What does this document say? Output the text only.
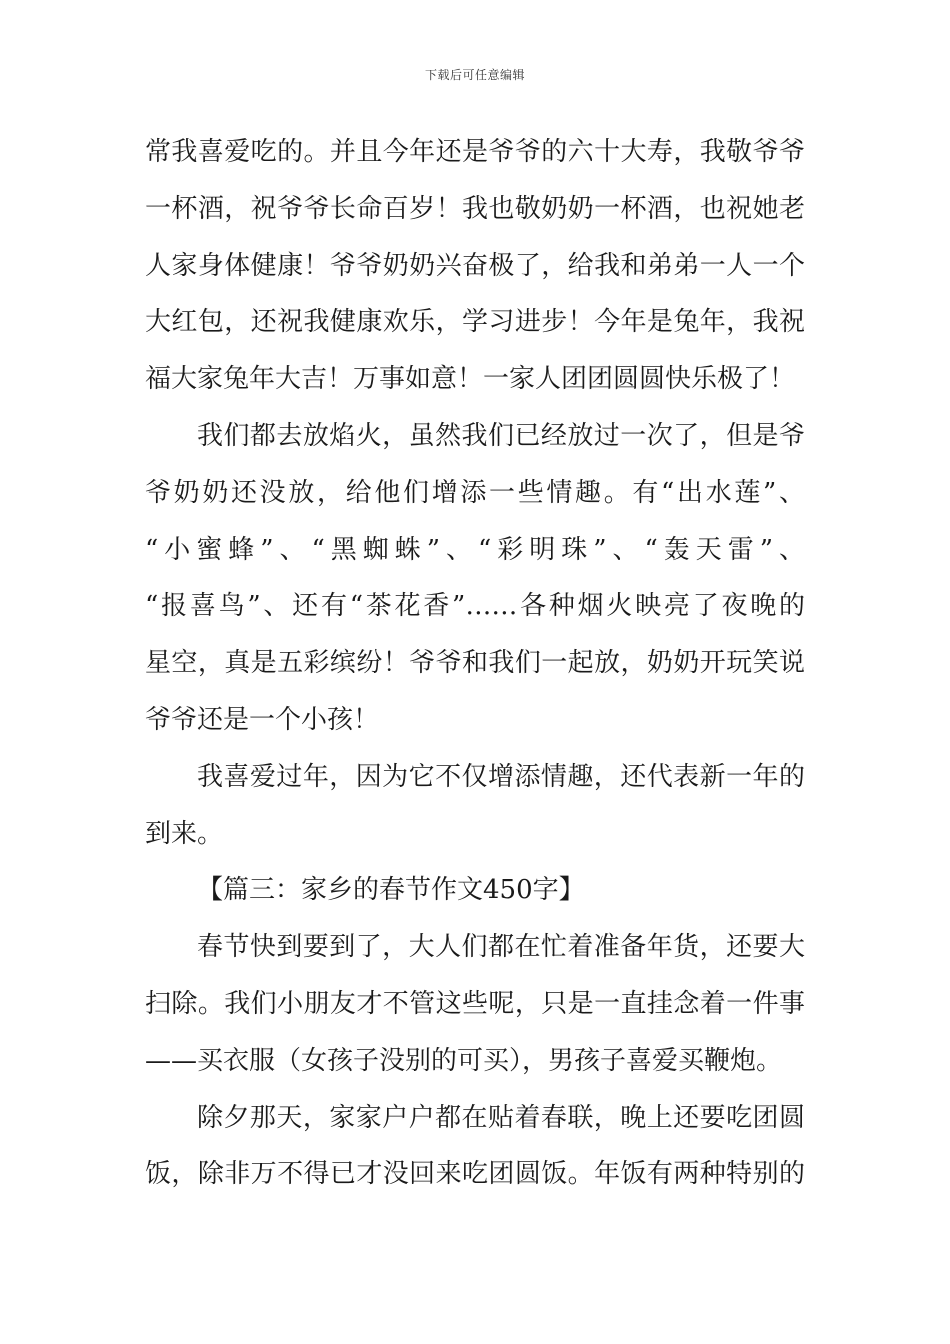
下载后可任意编辑
常我喜爱吃的。并且今年还是爷爷的六十大寿，我敬爷爷
一杯酒，祝爷爷长命百岁！我也敬奶奶一杯酒，也祝她老
人家身体健康！爷爷奶奶兴奋极了，给我和弟弟一人一个
大红包，还祝我健康欢乐，学习进步！今年是兔年，我祝
福大家兔年大吉！万事如意！一家人团团圆圆快乐极了！
我们都去放焰火，虽然我们已经放过一次了，但是爷
爷奶奶还没放，给他们增添一些情趣。有“出水莲”、
“小蜜蜂”、“黑蜘蛛”、“彩明珠”、“轰天雷”、
“报喜鸟”、还有“茶花香”……各种烟火映亮了夜晚的
星空，真是五彩缤纷！爷爷和我们一起放，奶奶开玩笑说
爷爷还是一个小孩！
我喜爱过年，因为它不仅增添情趣，还代表新一年的
到来。
【篇三：家乡的春节作文450字】
春节快到要到了，大人们都在忙着准备年货，还要大
扫除。我们小朋友才不管这些呢，只是一直挂念着一件事
——买衣服（女孩子没别的可买），男孩子喜爱买鞭炮。
除夕那天，家家户户都在贴着春联，晚上还要吃团圆
饭，除非万不得已才没回来吃团圆饭。年饭有两种特别的
